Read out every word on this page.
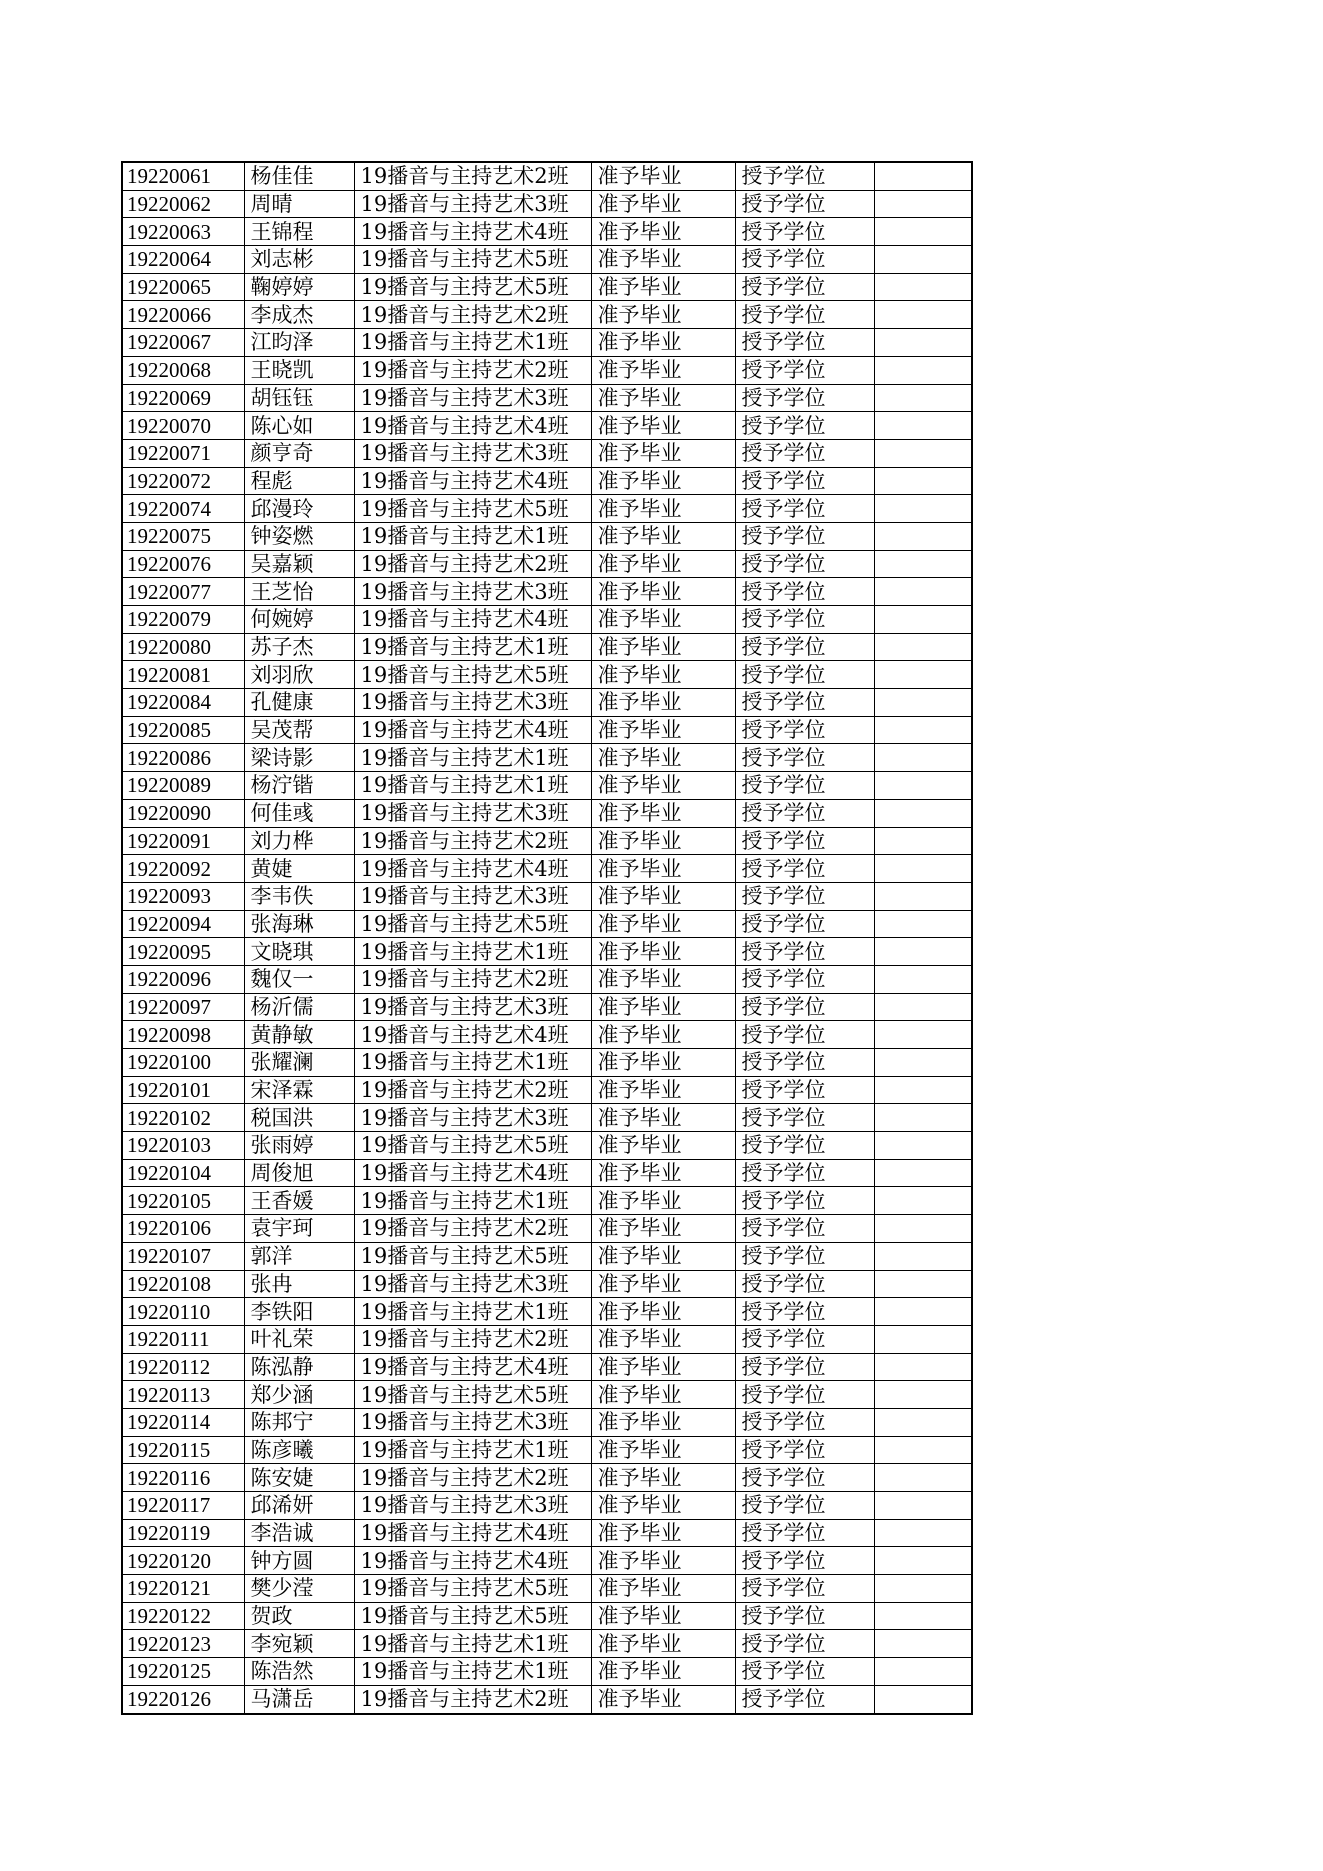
19220061	杨佳佳	19播音与主持艺术2班	准予毕业	授予学位	
19220062	周晴	19播音与主持艺术3班	准予毕业	授予学位	
19220063	王锦程	19播音与主持艺术4班	准予毕业	授予学位	
19220064	刘志彬	19播音与主持艺术5班	准予毕业	授予学位	
19220065	鞠婷婷	19播音与主持艺术5班	准予毕业	授予学位	
19220066	李成杰	19播音与主持艺术2班	准予毕业	授予学位	
19220067	江昀泽	19播音与主持艺术1班	准予毕业	授予学位	
19220068	王晓凯	19播音与主持艺术2班	准予毕业	授予学位	
19220069	胡钰钰	19播音与主持艺术3班	准予毕业	授予学位	
19220070	陈心如	19播音与主持艺术4班	准予毕业	授予学位	
19220071	颜亨奇	19播音与主持艺术3班	准予毕业	授予学位	
19220072	程彪	19播音与主持艺术4班	准予毕业	授予学位	
19220074	邱漫玲	19播音与主持艺术5班	准予毕业	授予学位	
19220075	钟姿燃	19播音与主持艺术1班	准予毕业	授予学位	
19220076	吴嘉颖	19播音与主持艺术2班	准予毕业	授予学位	
19220077	王芝怡	19播音与主持艺术3班	准予毕业	授予学位	
19220079	何婉婷	19播音与主持艺术4班	准予毕业	授予学位	
19220080	苏子杰	19播音与主持艺术1班	准予毕业	授予学位	
19220081	刘羽欣	19播音与主持艺术5班	准予毕业	授予学位	
19220084	孔健康	19播音与主持艺术3班	准予毕业	授予学位	
19220085	吴茂帮	19播音与主持艺术4班	准予毕业	授予学位	
19220086	梁诗影	19播音与主持艺术1班	准予毕业	授予学位	
19220089	杨泞锴	19播音与主持艺术1班	准予毕业	授予学位	
19220090	何佳彧	19播音与主持艺术3班	准予毕业	授予学位	
19220091	刘力桦	19播音与主持艺术2班	准予毕业	授予学位	
19220092	黄婕	19播音与主持艺术4班	准予毕业	授予学位	
19220093	李韦佚	19播音与主持艺术3班	准予毕业	授予学位	
19220094	张海琳	19播音与主持艺术5班	准予毕业	授予学位	
19220095	文晓琪	19播音与主持艺术1班	准予毕业	授予学位	
19220096	魏仅一	19播音与主持艺术2班	准予毕业	授予学位	
19220097	杨沂儒	19播音与主持艺术3班	准予毕业	授予学位	
19220098	黄静敏	19播音与主持艺术4班	准予毕业	授予学位	
19220100	张耀澜	19播音与主持艺术1班	准予毕业	授予学位	
19220101	宋泽霖	19播音与主持艺术2班	准予毕业	授予学位	
19220102	税国洪	19播音与主持艺术3班	准予毕业	授予学位	
19220103	张雨婷	19播音与主持艺术5班	准予毕业	授予学位	
19220104	周俊旭	19播音与主持艺术4班	准予毕业	授予学位	
19220105	王香媛	19播音与主持艺术1班	准予毕业	授予学位	
19220106	袁宇珂	19播音与主持艺术2班	准予毕业	授予学位	
19220107	郭洋	19播音与主持艺术5班	准予毕业	授予学位	
19220108	张冉	19播音与主持艺术3班	准予毕业	授予学位	
19220110	李铁阳	19播音与主持艺术1班	准予毕业	授予学位	
19220111	叶礼荣	19播音与主持艺术2班	准予毕业	授予学位	
19220112	陈泓静	19播音与主持艺术4班	准予毕业	授予学位	
19220113	郑少涵	19播音与主持艺术5班	准予毕业	授予学位	
19220114	陈邦宁	19播音与主持艺术3班	准予毕业	授予学位	
19220115	陈彦曦	19播音与主持艺术1班	准予毕业	授予学位	
19220116	陈安婕	19播音与主持艺术2班	准予毕业	授予学位	
19220117	邱浠妍	19播音与主持艺术3班	准予毕业	授予学位	
19220119	李浩诚	19播音与主持艺术4班	准予毕业	授予学位	
19220120	钟方圆	19播音与主持艺术4班	准予毕业	授予学位	
19220121	樊少滢	19播音与主持艺术5班	准予毕业	授予学位	
19220122	贺政	19播音与主持艺术5班	准予毕业	授予学位	
19220123	李宛颖	19播音与主持艺术1班	准予毕业	授予学位	
19220125	陈浩然	19播音与主持艺术1班	准予毕业	授予学位	
19220126	马潇岳	19播音与主持艺术2班	准予毕业	授予学位	
